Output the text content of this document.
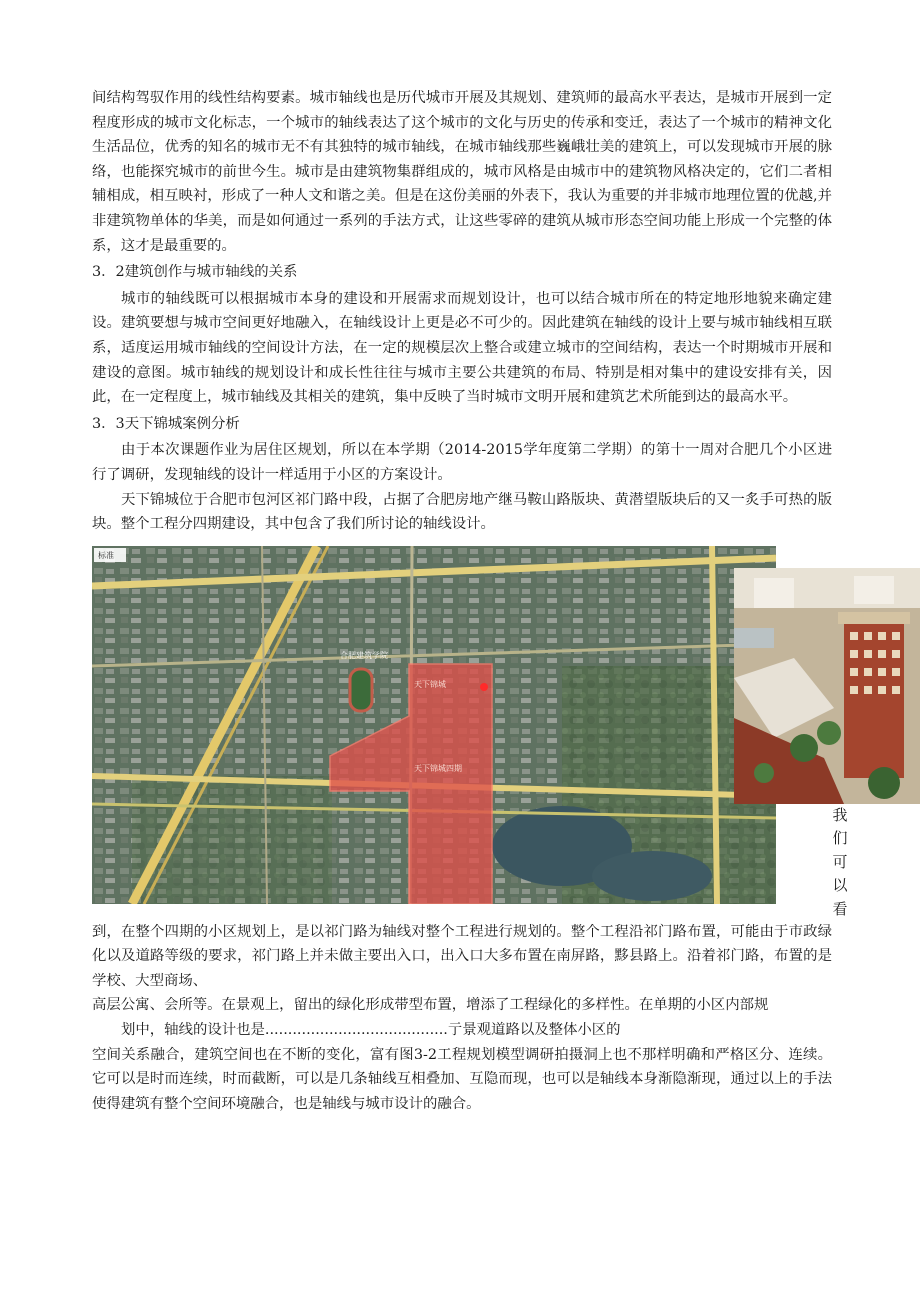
间结构驾驭作用的线性结构要素。城市轴线也是历代城市开展及其规划、建筑师的最高水平表达，是城市开展到一定程度形成的城市文化标志，一个城市的轴线表达了这个城市的文化与历史的传承和变迁，表达了一个城市的精神文化生活品位，优秀的知名的城市无不有其独特的城市轴线，在城市轴线那些巍峨壮美的建筑上，可以发现城市开展的脉络，也能探究城市的前世今生。城市是由建筑物集群组成的，城市风格是由城市中的建筑物风格决定的，它们二者相辅相成，相互映衬，形成了一种人文和谐之美。但是在这份美丽的外表下，我认为重要的并非城市地理位置的优越,并非建筑物单体的华美，而是如何通过一系列的手法方式，让这些零碎的建筑从城市形态空间功能上形成一个完整的体系，这才是最重要的。

3．2建筑创作与城市轴线的关系

城市的轴线既可以根据城市本身的建设和开展需求而规划设计，也可以结合城市所在的特定地形地貌来确定建设。建筑要想与城市空间更好地融入，在轴线设计上更是必不可少的。因此建筑在轴线的设计上要与城市轴线相互联系，适度运用城市轴线的空间设计方法，在一定的规模层次上整合或建立城市的空间结构，表达一个时期城市开展和建设的意图。城市轴线的规划设计和成长性往往与城市主要公共建筑的布局、特别是相对集中的建设安排有关，因此，在一定程度上，城市轴线及其相关的建筑，集中反映了当时城市文明开展和建筑艺术所能到达的最高水平。

3．3天下锦城案例分析

由于本次课题作业为居住区规划，所以在本学期（2014-2015学年度第二学期）的第十一周对合肥几个小区进行了调研，发现轴线的设计一样适用于小区的方案设计。

天下锦城位于合肥市包河区祁门路中段，占据了合肥房地产继马鞍山路版块、黄潜望版块后的又一炙手可热的版块。整个工程分四期建设，其中包含了我们所讨论的轴线设计。

标准
天下锦城
天下锦城四期
合肥建筑学院
我
们
可
以
看

到，在整个四期的小区规划上，是以祁门路为轴线对整个工程进行规划的。整个工程沿祁门路布置，可能由于市政绿化以及道路等级的要求，祁门路上并未做主要出入口，出入口大多布置在南屏路，黟县路上。沿着祁门路，布置的是学校、大型商场、

高层公寓、会所等。在景观上，留出的绿化形成带型布置，增添了工程绿化的多样性。在单期的小区内部规

划中，轴线的设计也是........................................亍景观道路以及整体小区的

空间关系融合，建筑空间也在不断的变化，富有图3-2工程规划模型调研拍摄洞上也不那样明确和严格区分、连续。它可以是时而连续，时而截断，可以是几条轴线互相叠加、互隐而现，也可以是轴线本身渐隐渐现，通过以上的手法使得建筑有整个空间环境融合，也是轴线与城市设计的融合。
